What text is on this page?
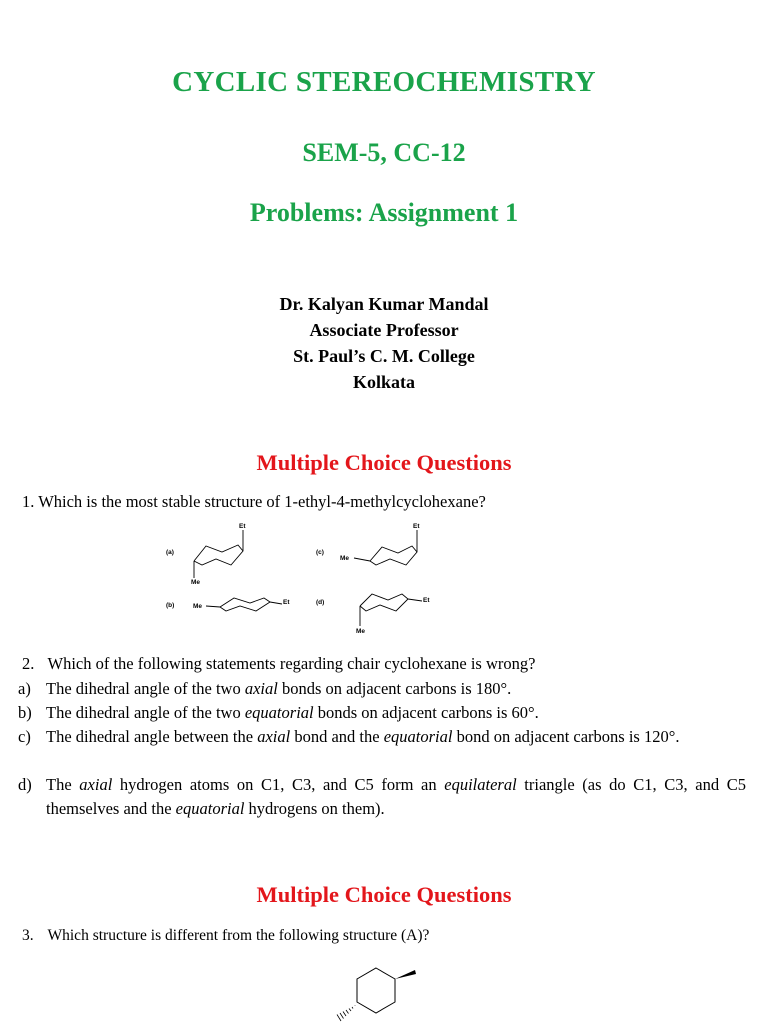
CYCLIC STEREOCHEMISTRY
SEM-5, CC-12
Problems: Assignment 1
Dr. Kalyan Kumar Mandal
Associate Professor
St. Paul’s C. M. College
Kolkata
Multiple Choice Questions
1. Which is the most stable structure of 1-ethyl-4-methylcyclohexane?
(a)
Et
Me
(c)
Me
Et
(b)	Me
Et	(d)	Et
Me
2. Which of the following statements regarding chair cyclohexane is wrong?
a) The dihedral angle of the two axial bonds on adjacent carbons is 180°.
b) The dihedral angle of the two equatorial bonds on adjacent carbons is 60°.
c) The dihedral angle between the axial bond and the equatorial bond on adjacent carbons is 120°.
d) The axial hydrogen atoms on C1, C3, and C5 form an equilateral triangle (as do C1, C3, and C5 themselves and the equatorial hydrogens on them).
Multiple Choice Questions
3. Which structure is different from the following structure (A)?
